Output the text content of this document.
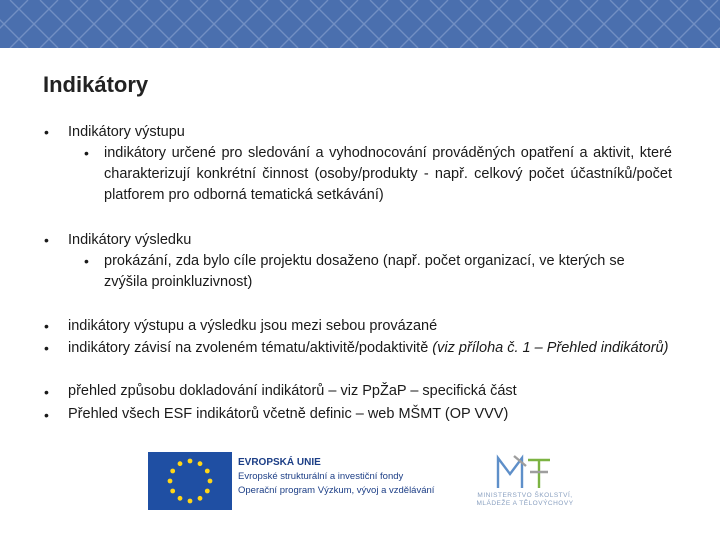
Indikátory
• Indikátory výstupu
• indikátory určené pro sledování a vyhodnocování prováděných opatření a aktivit, které charakterizují konkrétní činnost (osoby/produkty - např. celkový počet účastníků/počet platforem pro odborná tematická setkávání)
• Indikátory výsledku
• prokázání, zda bylo cíle projektu dosaženo (např. počet organizací, ve kterých se zvýšila proinkluzivnost)
• indikátory výstupu a výsledku jsou mezi sebou provázané
• indikátory závisí na zvoleném tématu/aktivitě/podaktivitě (viz příloha č. 1 – Přehled indikátorů)
• přehled způsobu dokladování indikátorů – viz PpŽaP – specifická část
• Přehled všech ESF indikátorů včetně definic – web MŠMT (OP VVV)
EVROPSKÁ UNIE
Evropské strukturální a investiční fondy
Operační program Výzkum, vývoj a vzdělávání	MINISTERSTVO ŠKOLSTVÍ,
MLÁDEŽE A TĚLOVÝCHOVY
